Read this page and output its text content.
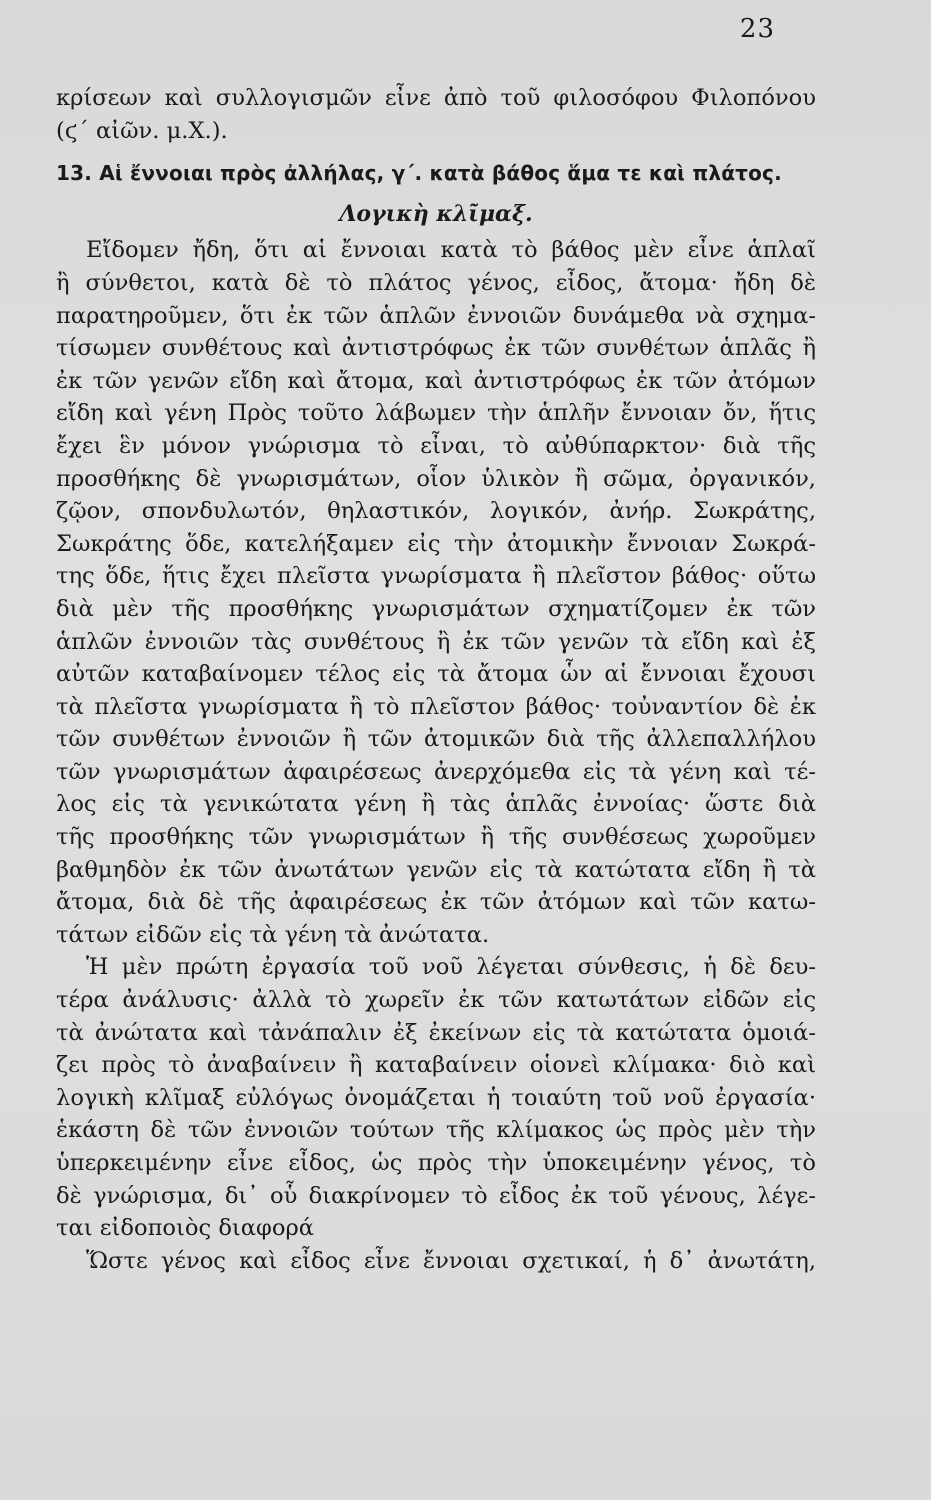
23
κρίσεων καὶ συλλογισμῶν εἶνε ἀπὸ τοῦ φιλοσόφου Φιλοπόνου
(ϛ΄ αἰῶν. μ.Χ.).
13. Αἱ ἔννοιαι πρὸς ἀλλήλας, γ΄. κατὰ βάθος ἅμα τε καὶ πλάτος.
Λογικὴ κλῖμαξ.
Εἴδομεν ἤδη, ὅτι αἱ ἔννοιαι κατὰ τὸ βάθος μὲν εἶνε ἁπλαῖ
ἢ σύνθετοι, κατὰ δὲ τὸ πλάτος γένος, εἶδος, ἄτομα· ἤδη δὲ
παρατηροῦμεν, ὅτι ἐκ τῶν ἁπλῶν ἐννοιῶν δυνάμεθα νὰ σχημα-
τίσωμεν συνθέτους καὶ ἀντιστρόφως ἐκ τῶν συνθέτων ἁπλᾶς ἢ
ἐκ τῶν γενῶν εἴδη καὶ ἄτομα, καὶ ἀντιστρόφως ἐκ τῶν ἀτόμων
εἴδη καὶ γένη Πρὸς τοῦτο λάβωμεν τὴν ἁπλῆν ἔννοιαν ὄν, ἥτις
ἔχει ἓν μόνον γνώρισμα τὸ εἶναι, τὸ αὐθύπαρκτον· διὰ τῆς
προσθήκης δὲ γνωρισμάτων, οἷον ὑλικὸν ἢ σῶμα, ὀργανικόν,
ζῷον, σπονδυλωτόν, θηλαστικόν, λογικόν, ἀνήρ. Σωκράτης,
Σωκράτης ὅδε, κατελήξαμεν εἰς τὴν ἀτομικὴν ἔννοιαν Σωκρά-
της ὅδε, ἥτις ἔχει πλεῖστα γνωρίσματα ἢ πλεῖστον βάθος· οὕτω
διὰ μὲν τῆς προσθήκης γνωρισμάτων σχηματίζομεν ἐκ τῶν
ἁπλῶν ἐννοιῶν τὰς συνθέτους ἢ ἐκ τῶν γενῶν τὰ εἴδη καὶ ἐξ
αὐτῶν καταβαίνομεν τέλος εἰς τὰ ἄτομα ὧν αἱ ἔννοιαι ἔχουσι
τὰ πλεῖστα γνωρίσματα ἢ τὸ πλεῖστον βάθος· τοὐναντίον δὲ ἐκ
τῶν συνθέτων ἐννοιῶν ἢ τῶν ἀτομικῶν διὰ τῆς ἀλλεπαλλήλου
τῶν γνωρισμάτων ἀφαιρέσεως ἀνερχόμεθα εἰς τὰ γένη καὶ τέ-
λος εἰς τὰ γενικώτατα γένη ἢ τὰς ἁπλᾶς ἐννοίας· ὥστε διὰ
τῆς προσθήκης τῶν γνωρισμάτων ἢ τῆς συνθέσεως χωροῦμεν
βαθμηδὸν ἐκ τῶν ἀνωτάτων γενῶν εἰς τὰ κατώτατα εἴδη ἢ τὰ
ἄτομα, διὰ δὲ τῆς ἀφαιρέσεως ἐκ τῶν ἀτόμων καὶ τῶν κατω-
τάτων εἰδῶν εἰς τὰ γένη τὰ ἀνώτατα.
Ἡ μὲν πρώτη ἐργασία τοῦ νοῦ λέγεται σύνθεσις, ἡ δὲ δευ-
τέρα ἀνάλυσις· ἀλλὰ τὸ χωρεῖν ἐκ τῶν κατωτάτων εἰδῶν εἰς
τὰ ἀνώτατα καὶ τἀνάπαλιν ἐξ ἐκείνων εἰς τὰ κατώτατα ὁμοιά-
ζει πρὸς τὸ ἀναβαίνειν ἢ καταβαίνειν οἱονεὶ κλίμακα· διὸ καὶ
λογικὴ κλῖμαξ εὐλόγως ὀνομάζεται ἡ τοιαύτη τοῦ νοῦ ἐργασία·
ἑκάστη δὲ τῶν ἐννοιῶν τούτων τῆς κλίμακος ὡς πρὸς μὲν τὴν
ὑπερκειμένην εἶνε εἶδος, ὡς πρὸς τὴν ὑποκειμένην γένος, τὸ
δὲ γνώρισμα, δι᾽ οὗ διακρίνομεν τὸ εἶδος ἐκ τοῦ γένους, λέγε-
ται εἰδοποιὸς διαφορά
Ὥστε γένος καὶ εἶδος εἶνε ἔννοιαι σχετικαί, ἡ δ᾽ ἀνωτάτη,
